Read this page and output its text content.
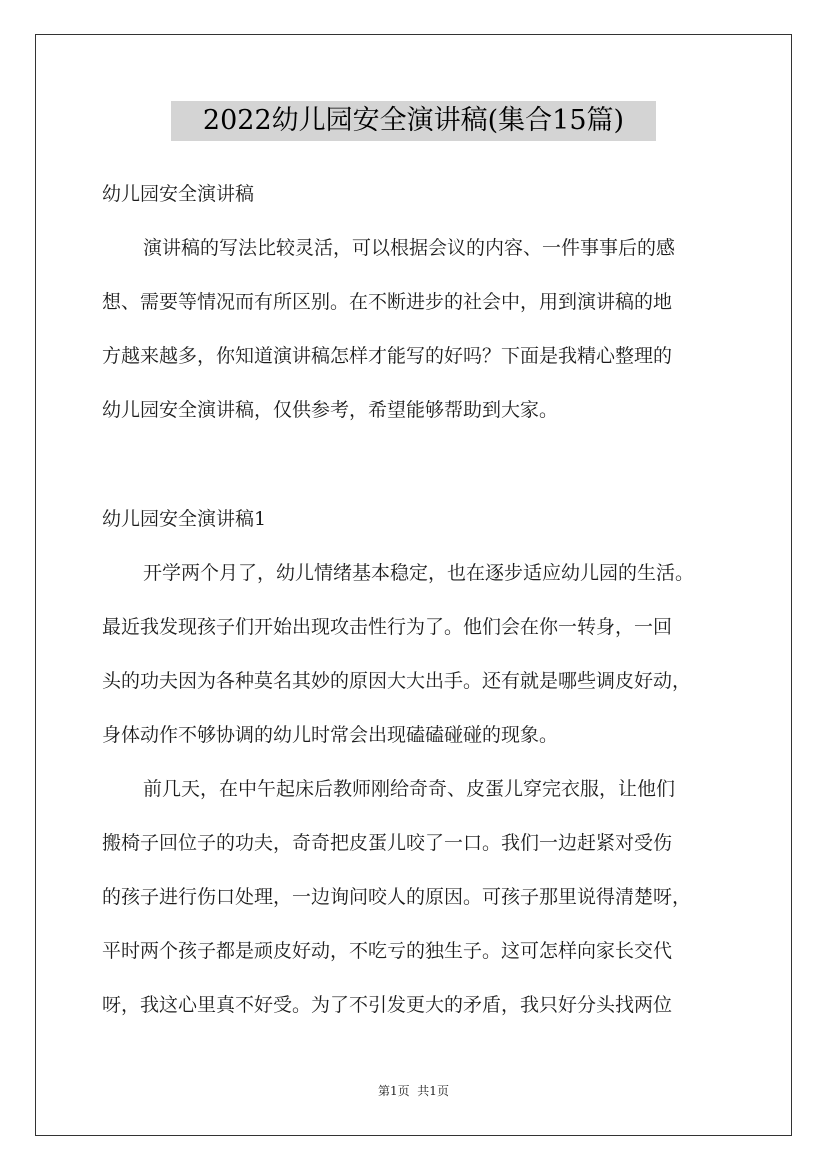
2022幼儿园安全演讲稿(集合15篇)
幼儿园安全演讲稿
演讲稿的写法比较灵活，可以根据会议的内容、一件事事后的感
想、需要等情况而有所区别。在不断进步的社会中，用到演讲稿的地
方越来越多，你知道演讲稿怎样才能写的好吗？下面是我精心整理的
幼儿园安全演讲稿，仅供参考，希望能够帮助到大家。
幼儿园安全演讲稿1
开学两个月了，幼儿情绪基本稳定，也在逐步适应幼儿园的生活。
最近我发现孩子们开始出现攻击性行为了。他们会在你一转身，一回
头的功夫因为各种莫名其妙的原因大大出手。还有就是哪些调皮好动，
身体动作不够协调的幼儿时常会出现磕磕碰碰的现象。
前几天，在中午起床后教师刚给奇奇、皮蛋儿穿完衣服，让他们
搬椅子回位子的功夫，奇奇把皮蛋儿咬了一口。我们一边赶紧对受伤
的孩子进行伤口处理，一边询问咬人的原因。可孩子那里说得清楚呀，
平时两个孩子都是顽皮好动，不吃亏的独生子。这可怎样向家长交代
呀，我这心里真不好受。为了不引发更大的矛盾，我只好分头找两位
第1页  共1页
